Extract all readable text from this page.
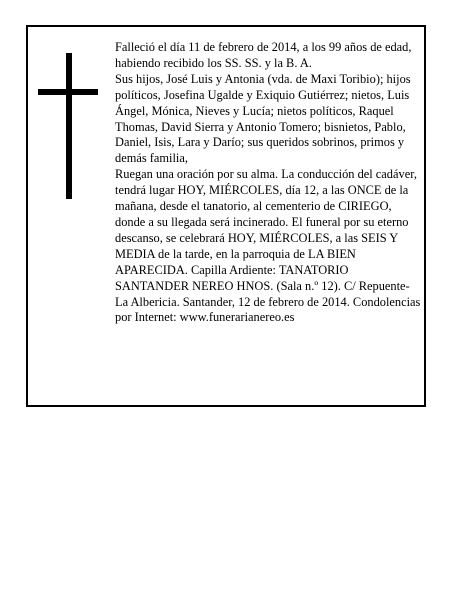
Falleció el día 11 de febrero de 2014, a los 99 años de edad, habiendo recibido los SS. SS. y la B. A.

Sus hijos, José Luis y Antonia (vda. de Maxi Toribio); hijos políticos, Josefina Ugalde y Exiquio Gutiérrez; nietos, Luis Ángel, Mónica, Nieves y Lucía; nietos políticos, Raquel Thomas, David Sierra y Antonio Tomero; bisnietos, Pablo, Daniel, Isis, Lara y Darío; sus queridos sobrinos, primos y demás familia,

Ruegan una oración por su alma. La conducción del cadáver, tendrá lugar HOY, MIÉRCOLES, día 12, a las ONCE de la mañana, desde el tanatorio, al cementerio de CIRIEGO, donde a su llegada será incinerado. El funeral por su eterno descanso, se celebrará HOY, MIÉRCOLES, a las SEIS Y MEDIA de la tarde, en la parroquia de LA BIEN APARECIDA. Capilla Ardiente: TANATORIO SANTANDER NEREO HNOS. (Sala n.º 12). C/ Repuente-La Albericia. Santander, 12 de febrero de 2014. Condolencias por Internet: www.funerarianereo.es
